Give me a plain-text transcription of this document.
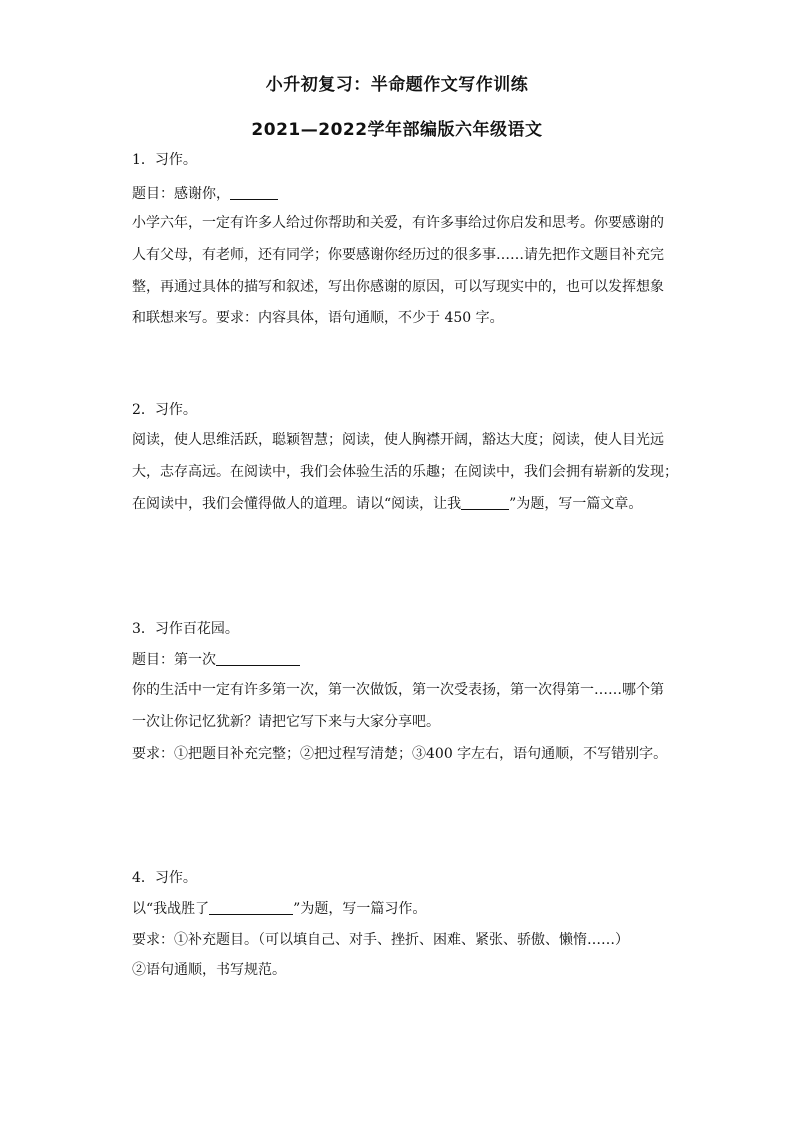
小升初复习：半命题作文写作训练
2021—2022学年部编版六年级语文
1．习作。
题目：感谢你，
小学六年，一定有许多人给过你帮助和关爱，有许多事给过你启发和思考。你要感谢的
人有父母，有老师，还有同学；你要感谢你经历过的很多事……请先把作文题目补充完
整，再通过具体的描写和叙述，写出你感谢的原因，可以写现实中的，也可以发挥想象
和联想来写。要求：内容具体，语句通顺，不少于 450 字。
2．习作。
阅读，使人思维活跃，聪颖智慧；阅读，使人胸襟开阔，豁达大度；阅读，使人目光远
大，志存高远。在阅读中，我们会体验生活的乐趣；在阅读中，我们会拥有崭新的发现；
在阅读中，我们会懂得做人的道理。请以“阅读，让我	”为题，写一篇文章。
3．习作百花园。
题目：第一次
你的生活中一定有许多第一次，第一次做饭，第一次受表扬，第一次得第一……哪个第
一次让你记忆犹新？请把它写下来与大家分享吧。
要求：①把题目补充完整；②把过程写清楚；③400 字左右，语句通顺，不写错别字。
4．习作。
以“我战胜了	”为题，写一篇习作。
要求：①补充题目。（可以填自己、对手、挫折、困难、紧张、骄傲、懒惰……）
②语句通顺，书写规范。
